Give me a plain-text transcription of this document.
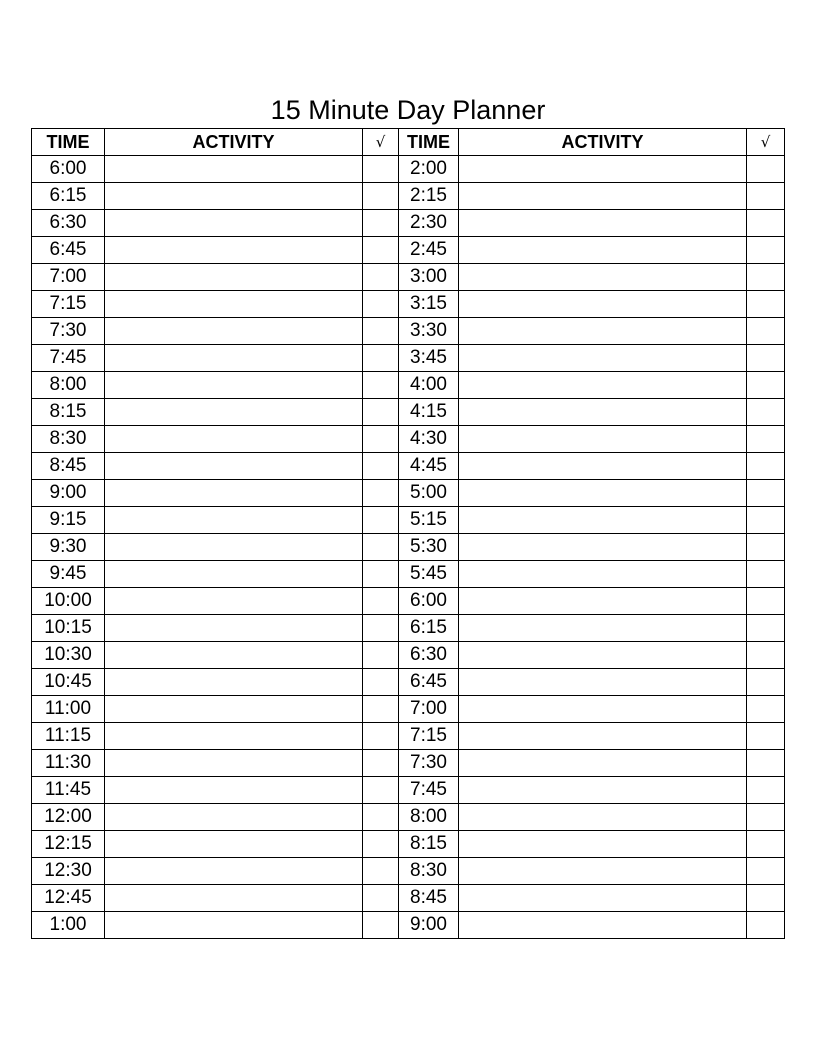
15 Minute Day Planner
TIME	ACTIVITY	√	TIME	ACTIVITY	√
6:00			2:00		
6:15			2:15		
6:30			2:30		
6:45			2:45		
7:00			3:00		
7:15			3:15		
7:30			3:30		
7:45			3:45		
8:00			4:00		
8:15			4:15		
8:30			4:30		
8:45			4:45		
9:00			5:00		
9:15			5:15		
9:30			5:30		
9:45			5:45		
10:00			6:00		
10:15			6:15		
10:30			6:30		
10:45			6:45		
11:00			7:00		
11:15			7:15		
11:30			7:30		
11:45			7:45		
12:00			8:00		
12:15			8:15		
12:30			8:30		
12:45			8:45		
1:00			9:00		
